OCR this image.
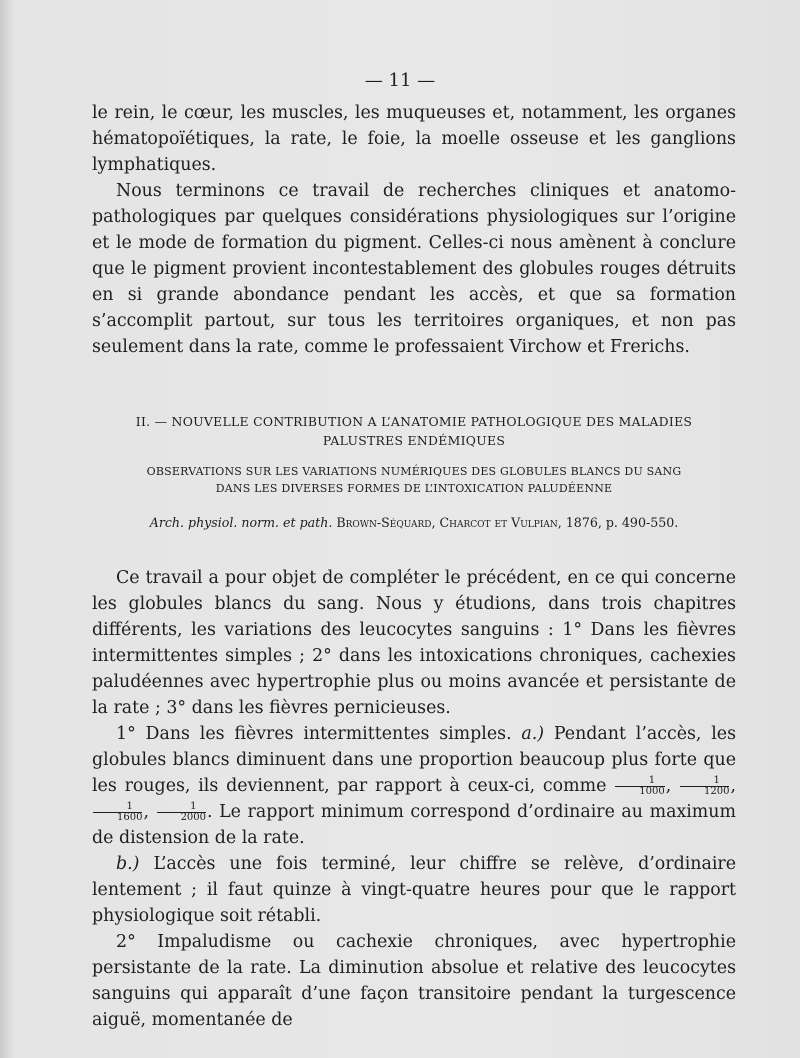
— 11 —

le rein, le cœur, les muscles, les muqueuses et, notamment, les organes hématopoïétiques, la rate, le foie, la moelle osseuse et les ganglions lymphatiques.

Nous terminons ce travail de recherches cliniques et anatomo-pathologiques par quelques considérations physiologiques sur l’origine et le mode de formation du pigment. Celles-ci nous amènent à conclure que le pigment provient incontestablement des globules rouges détruits en si grande abondance pendant les accès, et que sa formation s’accomplit partout, sur tous les territoires organiques, et non pas seulement dans la rate, comme le professaient Virchow et Frerichs.

II. — NOUVELLE CONTRIBUTION A L’ANATOMIE PATHOLOGIQUE DES MALADIES
PALUSTRES ENDÉMIQUES
OBSERVATIONS SUR LES VARIATIONS NUMÉRIQUES DES GLOBULES BLANCS DU SANG
DANS LES DIVERSES FORMES DE L’INTOXICATION PALUDÉENNE
Arch. physiol. norm. et path. Brown-Séquard, Charcot et Vulpian, 1876, p. 490-550.

Ce travail a pour objet de compléter le précédent, en ce qui concerne les globules blancs du sang. Nous y étudions, dans trois chapitres différents, les variations des leucocytes sanguins : 1° Dans les fièvres intermittentes simples ; 2° dans les intoxications chroniques, cachexies paludéennes avec hypertrophie plus ou moins avancée et persistante de la rate ; 3° dans les fièvres pernicieuses.

1° Dans les fièvres intermittentes simples. a.) Pendant l’accès, les globules blancs diminuent dans une proportion beaucoup plus forte que les rouges, ils deviennent, par rapport à ceux-ci, comme $\frac{1}{1000}$ , $\frac{1}{1200}$ ,
$\frac{1}{1600}$ , $\frac{1}{2000}$ . Le rapport minimum correspond d’ordinaire au maximum de distension de la rate.

b.) L’accès une fois terminé, leur chiffre se relève, d’ordinaire lentement ; il faut quinze à vingt-quatre heures pour que le rapport physiologique soit rétabli.

2° Impaludisme ou cachexie chroniques, avec hypertrophie persistante de la rate. La diminution absolue et relative des leucocytes sanguins qui apparaît d’une façon transitoire pendant la turgescence aiguë, momentanée de
